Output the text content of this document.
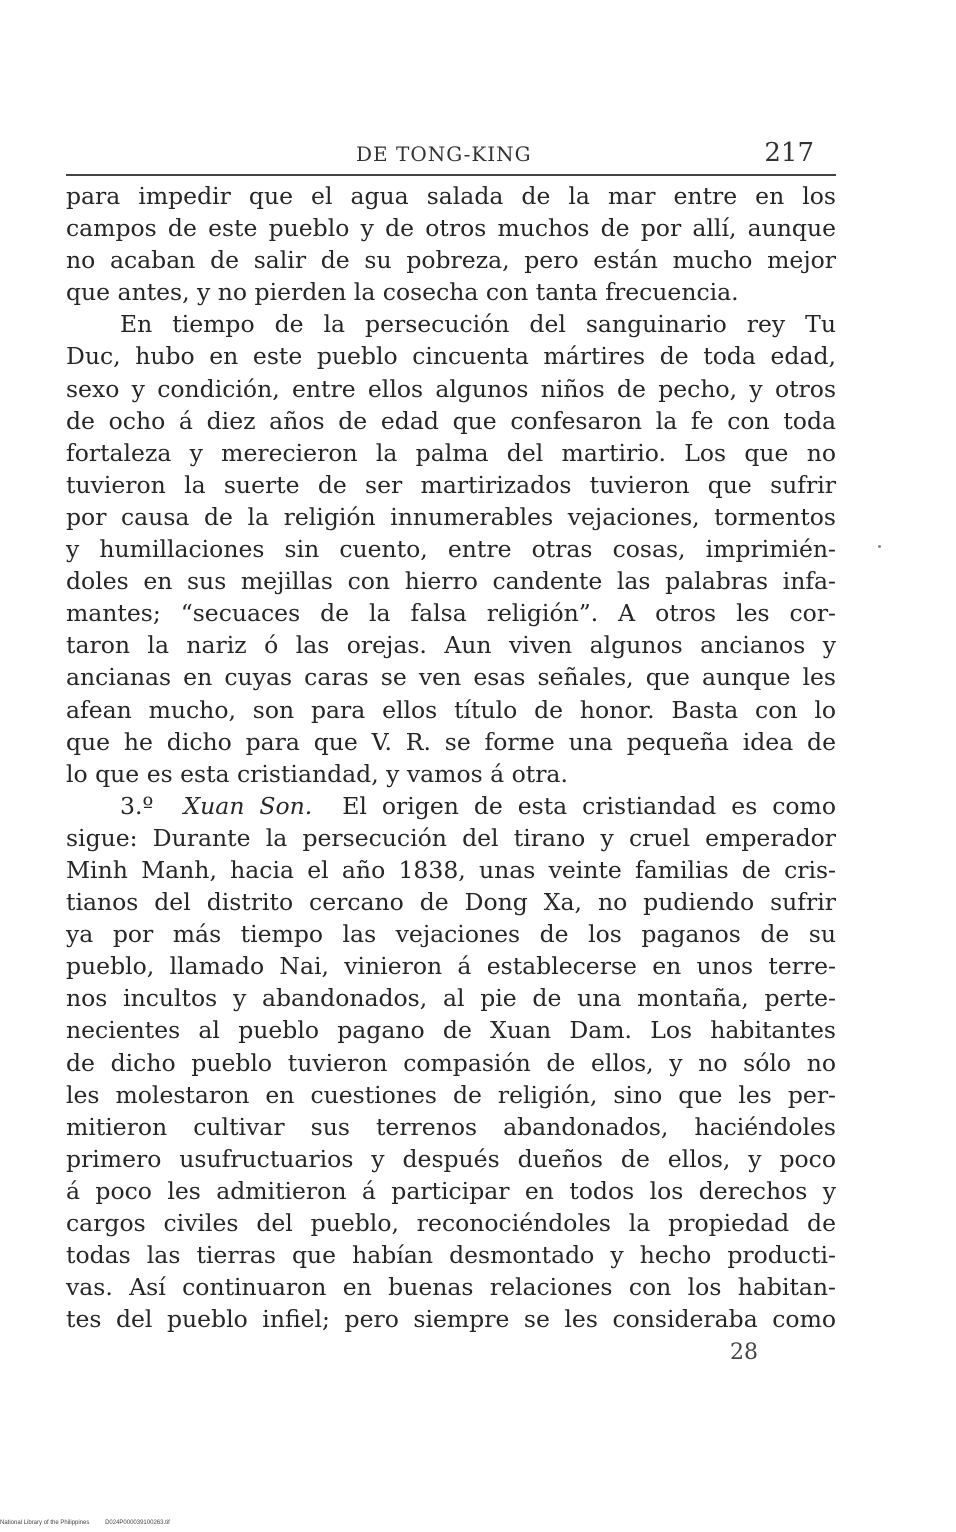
DE TONG-KING	217
para impedir que el agua salada de la mar entre en los
campos de este pueblo y de otros muchos de por allí, aunque
no acaban de salir de su pobreza, pero están mucho mejor
que antes, y no pierden la cosecha con tanta frecuencia.
En tiempo de la persecución del sanguinario rey Tu
Duc, hubo en este pueblo cincuenta mártires de toda edad,
sexo y condición, entre ellos algunos niños de pecho, y otros
de ocho á diez años de edad que confesaron la fe con toda
fortaleza y merecieron la palma del martirio. Los que no
tuvieron la suerte de ser martirizados tuvieron que sufrir
por causa de la religión innumerables vejaciones, tormentos
y humillaciones sin cuento, entre otras cosas, imprimién-
doles en sus mejillas con hierro candente las palabras infa-
mantes; “secuaces de la falsa religión”. A otros les cor-
taron la nariz ó las orejas. Aun viven algunos ancianos y
ancianas en cuyas caras se ven esas señales, que aunque les
afean mucho, son para ellos título de honor. Basta con lo
que he dicho para que V. R. se forme una pequeña idea de
lo que es esta cristiandad, y vamos á otra.
3.º Xuan Son. El origen de esta cristiandad es como
sigue: Durante la persecución del tirano y cruel emperador
Minh Manh, hacia el año 1838, unas veinte familias de cris-
tianos del distrito cercano de Dong Xa, no pudiendo sufrir
ya por más tiempo las vejaciones de los paganos de su
pueblo, llamado Nai, vinieron á establecerse en unos terre-
nos incultos y abandonados, al pie de una montaña, perte-
necientes al pueblo pagano de Xuan Dam. Los habitantes
de dicho pueblo tuvieron compasión de ellos, y no sólo no
les molestaron en cuestiones de religión, sino que les per-
mitieron cultivar sus terrenos abandonados, haciéndoles
primero usufructuarios y después dueños de ellos, y poco
á poco les admitieron á participar en todos los derechos y
cargos civiles del pueblo, reconociéndoles la propiedad de
todas las tierras que habían desmontado y hecho producti-
vas. Así continuaron en buenas relaciones con los habitan-
tes del pueblo infiel; pero siempre se les consideraba como
28
National Library of the Philippines	D024P000039100263.tif
